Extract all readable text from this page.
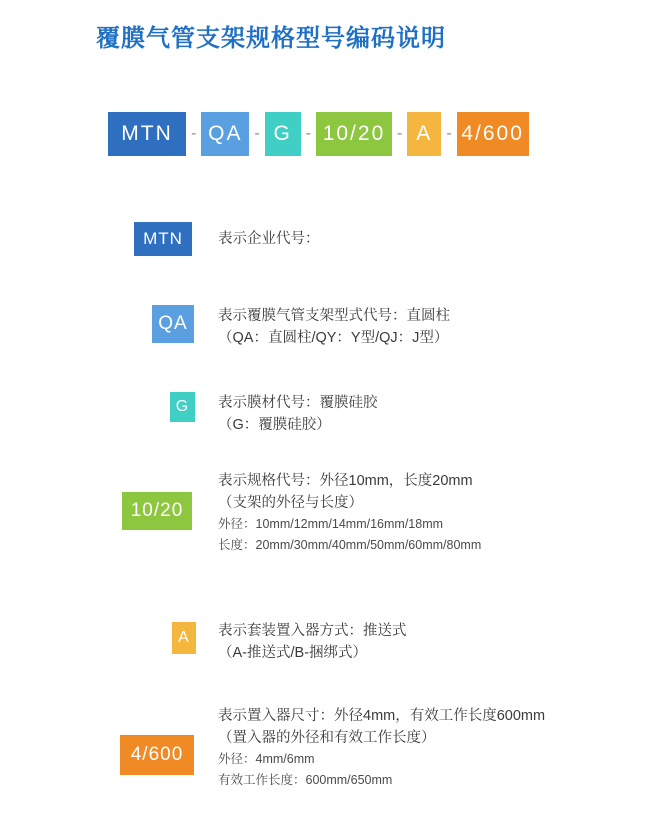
覆膜气管支架规格型号编码说明
MTN	- QA - G - 10/20 - A - 4/600
MTN	表示企业代号：
QA	表示覆膜气管支架型式代号：直圆柱
（QA：直圆柱/QY：Y型/QJ：J型）
G	表示膜材代号：覆膜硅胶
（G：覆膜硅胶）
10/20
表示规格代号：外径10mm，长度20mm
（支架的外径与长度）
外径：10mm/12mm/14mm/16mm/18mm
长度：20mm/30mm/40mm/50mm/60mm/80mm
A	表示套装置入器方式：推送式
（A-推送式/B-捆绑式）
4/600
表示置入器尺寸：外径4mm，有效工作长度600mm
（置入器的外径和有效工作长度）
外径：4mm/6mm
有效工作长度：600mm/650mm
